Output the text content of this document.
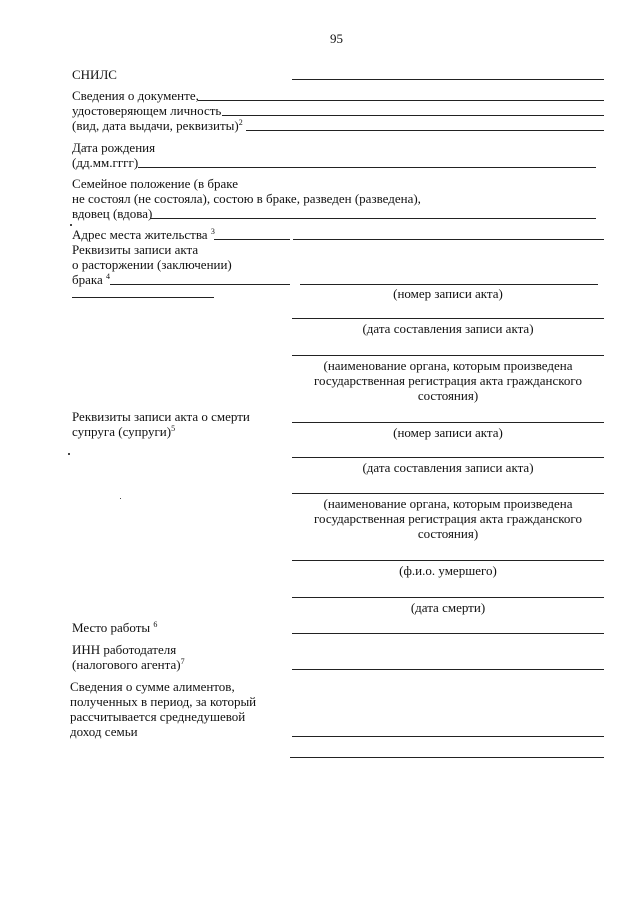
95
СНИЛС
Сведения о документе,
удостоверяющем личность
(вид, дата выдачи, реквизиты)$^2$
Дата рождения
(дд.мм.гггг)
Семейное положение (в браке
не состоял (не состояла), состою в браке, разведен (разведена),
вдовец (вдова)
Адрес места жительства $^3$
Реквизиты записи акта
о расторжении (заключении)
брака $^4$
(номер записи акта)
(дата составления записи акта)
(наименование органа, которым произведена государственная регистрация акта гражданского состояния)
Реквизиты записи акта о смерти
супруга (супруги)$^5$	(номер записи акта)
(дата составления записи акта)
(наименование органа, которым произведена государственная регистрация акта гражданского состояния)
(ф.и.о. умершего)
(дата смерти)
Место работы $^6$
ИНН работодателя
(налогового агента)$^7$
Сведения о сумме алиментов,
полученных в период, за который
рассчитывается среднедушевой
доход семьи
